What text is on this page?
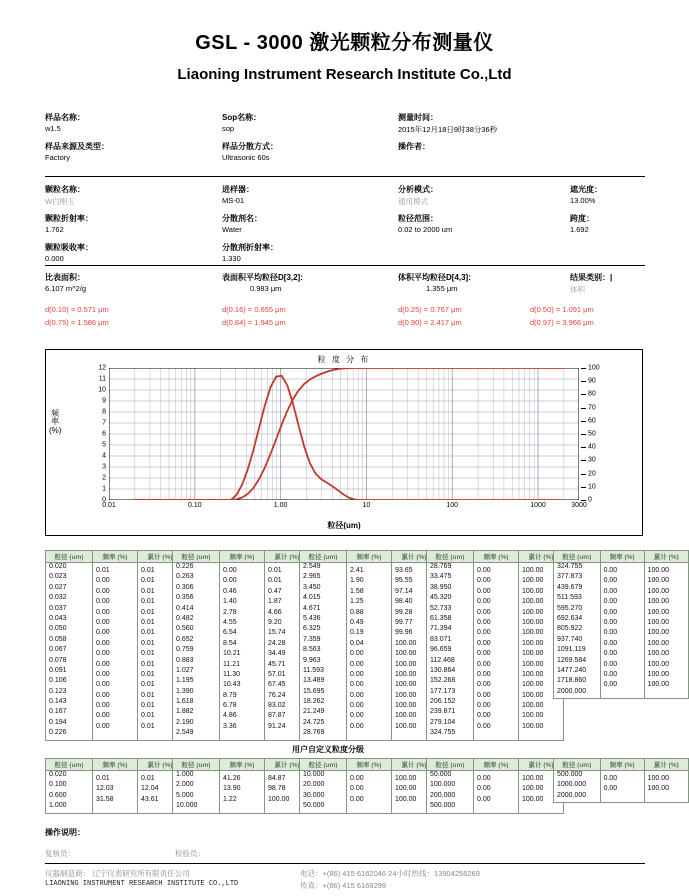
GSL - 3000 激光颗粒分布测量仪
Liaoning Instrument Research Institute Co.,Ltd
样品名称：
w1.5
Sop名称：
sop
测量时间：
2015年12月18日9时38分36秒
样品来源及类型：
Factory
样品分散方式：
Ultrasonic 60s
操作者：
颗粒名称：
W白刚玉
进样器：
MS-01
分析模式：
通用模式
遮光度：
13.00%
颗粒折射率：
1.762
分散剂名：
Water
粒径范围：
0.02 to 2000 um
跨度：
1.692
颗粒吸收率：
0.000
分散剂折射率：
1.330
比表面积：
6.107 m^2/g
表面积平均粒径D[3,2]:
0.983 μm
体积平均粒径D[4,3]:
1.355 μm
结果类别：|
体积
d(0.10) = 0.571 μm	d(0.16) = 0.655 μm	d(0.25) = 0.767 μm	d(0.50) = 1.091 μm
d(0.75) = 1.586 μm	d(0.84) = 1.945 μm	d(0.90) = 2.417 μm	d(0.97) = 3.966 μm
粒 度 分 布
频 率 (%)
0
1
2
3
4
5
6
7
8
9
10
11
12
0
10
20
30
40
50
60
70
80
90
100
0.01	0.10	1.00	10	100	1000	3000
粒径(um)
粒径 (um)	频率 (%)	累计 (%)
0.020	0.01	0.01
0.023	0.00	0.01
0.027	0.00	0.01
0.032	0.00	0.01
0.037	0.00	0.01
0.043	0.00	0.01
0.050	0.00	0.01
0.058	0.00	0.01
0.067	0.00	0.01
0.078	0.00	0.01
0.091	0.00	0.01
0.106	0.00	0.01
0.123	0.00	0.01
0.143	0.00	0.01
0.167	0.00	0.01
0.194	0.00	0.01
0.226		
粒径 (um)	频率 (%)	累计 (%)
0.226	0.00	0.01
0.263	0.00	0.01
0.306	0.46	0.47
0.356	1.40	1.87
0.414	2.78	4.66
0.482	4.55	9.20
0.560	6.54	15.74
0.652	8.54	24.28
0.759	10.21	34.49
0.883	11.21	45.71
1.027	11.30	57.01
1.195	10.43	67.45
1.390	8.79	76.24
1.618	6.78	83.02
1.882	4.86	87.87
2.190	3.36	91.24
2.549		
粒径 (um)	频率 (%)	累计 (%)
2.549	2.41	93.65
2.965	1.90	95.55
3.450	1.58	97.14
4.015	1.25	98.40
4.671	0.88	99.28
5.436	0.49	99.77
6.325	0.19	99.96
7.359	0.04	100.00
8.563	0.00	100.00
9.963	0.00	100.00
11.593	0.00	100.00
13.489	0.00	100.00
15.695	0.00	100.00
18.262	0.00	100.00
21.249	0.00	100.00
24.725	0.00	100.00
28.769		
粒径 (um)	频率 (%)	累计 (%)
28.769	0.00	100.00
33.475	0.00	100.00
38.950	0.00	100.00
45.320	0.00	100.00
52.733	0.00	100.00
61.358	0.00	100.00
71.394	0.00	100.00
83.071	0.00	100.00
96.659	0.00	100.00
112.468	0.00	100.00
130.864	0.00	100.00
152.268	0.00	100.00
177.173	0.00	100.00
206.152	0.00	100.00
239.871	0.00	100.00
279.104	0.00	100.00
324.755		
粒径 (um)	频率 (%)	累计 (%)
324.755	0.00	100.00
377.873	0.00	100.00
439.679	0.00	100.00
511.593	0.00	100.00
595.270	0.00	100.00
692.634	0.00	100.00
805.922	0.00	100.00
937.740	0.00	100.00
1091.119	0.00	100.00
1269.584	0.00	100.00
1477.240	0.00	100.00
1718.860	0.00	100.00
2000.000		
用户自定义粒度分级
粒径 (um)	频率 (%)	累计 (%)
0.020	0.01	0.01
0.100	12.03	12.04
0.600	31.58	43.61
1.000		
粒径 (um)	频率 (%)	累计 (%)
1.000	41.26	84.87
2.000	13.90	98.78
5.000	1.22	100.00
10.000		
粒径 (um)	频率 (%)	累计 (%)
10.000	0.00	100.00
20.000	0.00	100.00
30.000	0.00	100.00
50.000		
粒径 (um)	频率 (%)	累计 (%)
50.000	0.00	100.00
100.000	0.00	100.00
200.000	0.00	100.00
500.000		
粒径 (um)	频率 (%)	累计 (%)
500.000	0.00	100.00
1000.000	0.00	100.00
2000.000		
操作说明：
复核员：	检验员：
仪器制造商： 辽宁仪表研究所有限责任公司
LIAONING INSTRUMENT RESEARCH INSTITUTE CO.,LTD
电话：+(86) 415 6162046 24小时热线：13904256269
传真：+(86) 415 6169299
